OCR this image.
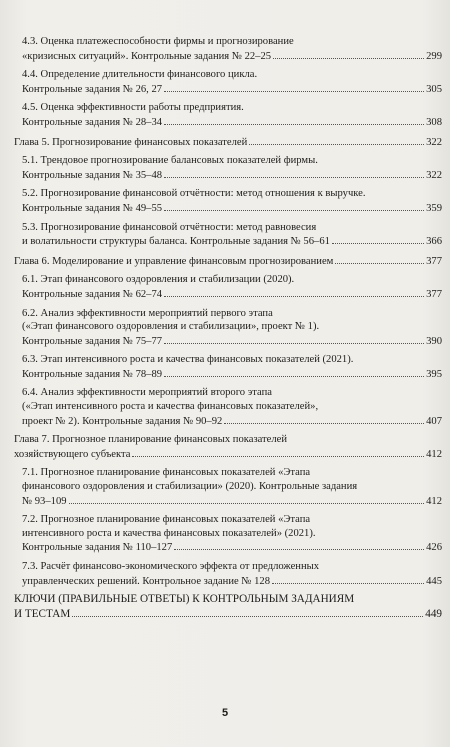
4.3. Оценка платежеспособности фирмы и прогнозирование
«кризисных ситуаций». Контрольные задания № 22–25	299
4.4. Определение длительности финансового цикла.
Контрольные задания № 26, 27	305
4.5. Оценка эффективности работы предприятия.
Контрольные задания № 28–34	308
Глава 5. Прогнозирование финансовых показателей	322
5.1. Трендовое прогнозирование балансовых показателей фирмы.
Контрольные задания № 35–48	322
5.2. Прогнозирование финансовой отчётности: метод отношения к выручке.
Контрольные задания № 49–55	359
5.3. Прогнозирование финансовой отчётности: метод равновесия
и волатильности структуры баланса. Контрольные задания № 56–61	366
Глава 6. Моделирование и управление финансовым прогнозированием	377
6.1. Этап финансового оздоровления и стабилизации (2020).
Контрольные задания № 62–74	377
6.2. Анализ эффективности мероприятий первого этапа
(«Этап финансового оздоровления и стабилизации», проект № 1).
Контрольные задания № 75–77	390
6.3. Этап интенсивного роста и качества финансовых показателей (2021).
Контрольные задания № 78–89	395
6.4. Анализ эффективности мероприятий второго этапа
(«Этап интенсивного роста и качества финансовых показателей»,
проект № 2). Контрольные задания № 90–92	407
Глава 7. Прогнозное планирование финансовых показателей
хозяйствующего субъекта	412
7.1. Прогнозное планирование финансовых показателей «Этапа
финансового оздоровления и стабилизации» (2020). Контрольные задания
№ 93–109	412
7.2. Прогнозное планирование финансовых показателей «Этапа
интенсивного роста и качества финансовых показателей» (2021).
Контрольные задания № 110–127	426
7.3. Расчёт финансово-экономического эффекта от предложенных
управленческих решений. Контрольное задание № 128	445
КЛЮЧИ (ПРАВИЛЬНЫЕ ОТВЕТЫ) К КОНТРОЛЬНЫМ ЗАДАНИЯМ
И ТЕСТАМ	449
5
